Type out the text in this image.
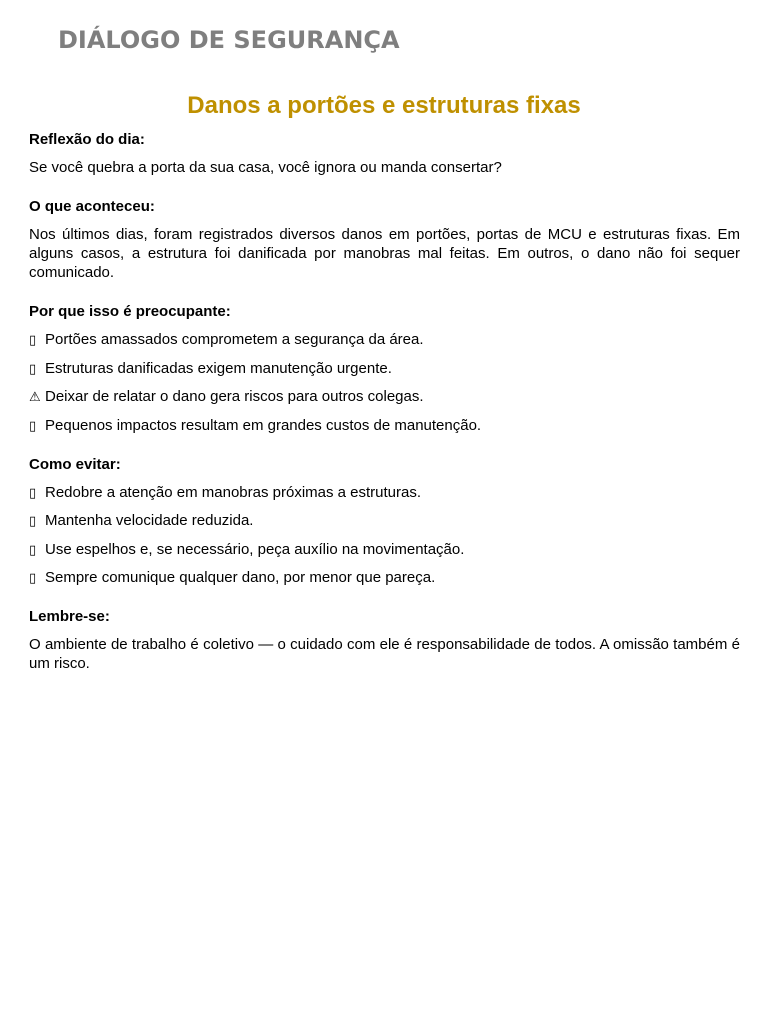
DIÁLOGO DE SEGURANÇA
Danos a portões e estruturas fixas

Reflexão do dia:

Se você quebra a porta da sua casa, você ignora ou manda consertar?

O que aconteceu:

Nos últimos dias, foram registrados diversos danos em portões, portas de MCU e estruturas fixas. Em alguns casos, a estrutura foi danificada por manobras mal feitas. Em outros, o dano não foi sequer comunicado.

Por que isso é preocupante:

▯ Portões amassados comprometem a segurança da área.

▯ Estruturas danificadas exigem manutenção urgente.

⚠ Deixar de relatar o dano gera riscos para outros colegas.

▯ Pequenos impactos resultam em grandes custos de manutenção.

Como evitar:

▯ Redobre a atenção em manobras próximas a estruturas.

▯ Mantenha velocidade reduzida.

▯ Use espelhos e, se necessário, peça auxílio na movimentação.

▯ Sempre comunique qualquer dano, por menor que pareça.

Lembre-se:

O ambiente de trabalho é coletivo — o cuidado com ele é responsabilidade de todos. A omissão também é um risco.
